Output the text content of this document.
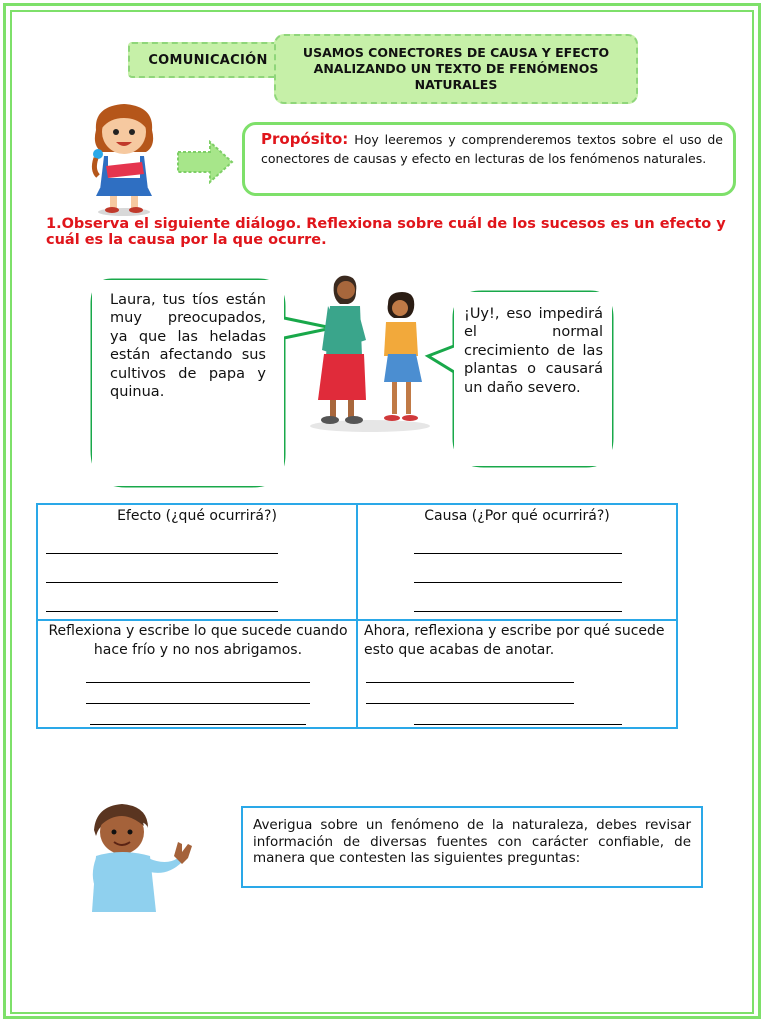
COMUNICACIÓN	USAMOS CONECTORES DE CAUSA Y EFECTO ANALIZANDO UN TEXTO DE FENÓMENOS NATURALES
Propósito: Hoy leeremos y comprenderemos textos sobre el uso de conectores de causas y efecto en lecturas de los fenómenos naturales.
1.Observa el siguiente diálogo. Reflexiona sobre cuál de los sucesos es un efecto y cuál es la causa por la que ocurre.
Laura, tus tíos están muy preocupados, ya que las heladas están afectando sus cultivos de papa y quinua.
¡Uy!, eso impedirá el normal crecimiento de las plantas o causará un daño severo.
Efecto (¿qué ocurrirá?)	Causa (¿Por qué ocurrirá?)

Reflexiona y escribe lo que sucede cuando hace frío y no nos abrigamos.	Ahora, reflexiona y escribe por qué sucede esto que acabas de anotar.
Averigua sobre un fenómeno de la naturaleza, debes revisar información de diversas fuentes con carácter confiable, de manera que contesten las siguientes preguntas:
